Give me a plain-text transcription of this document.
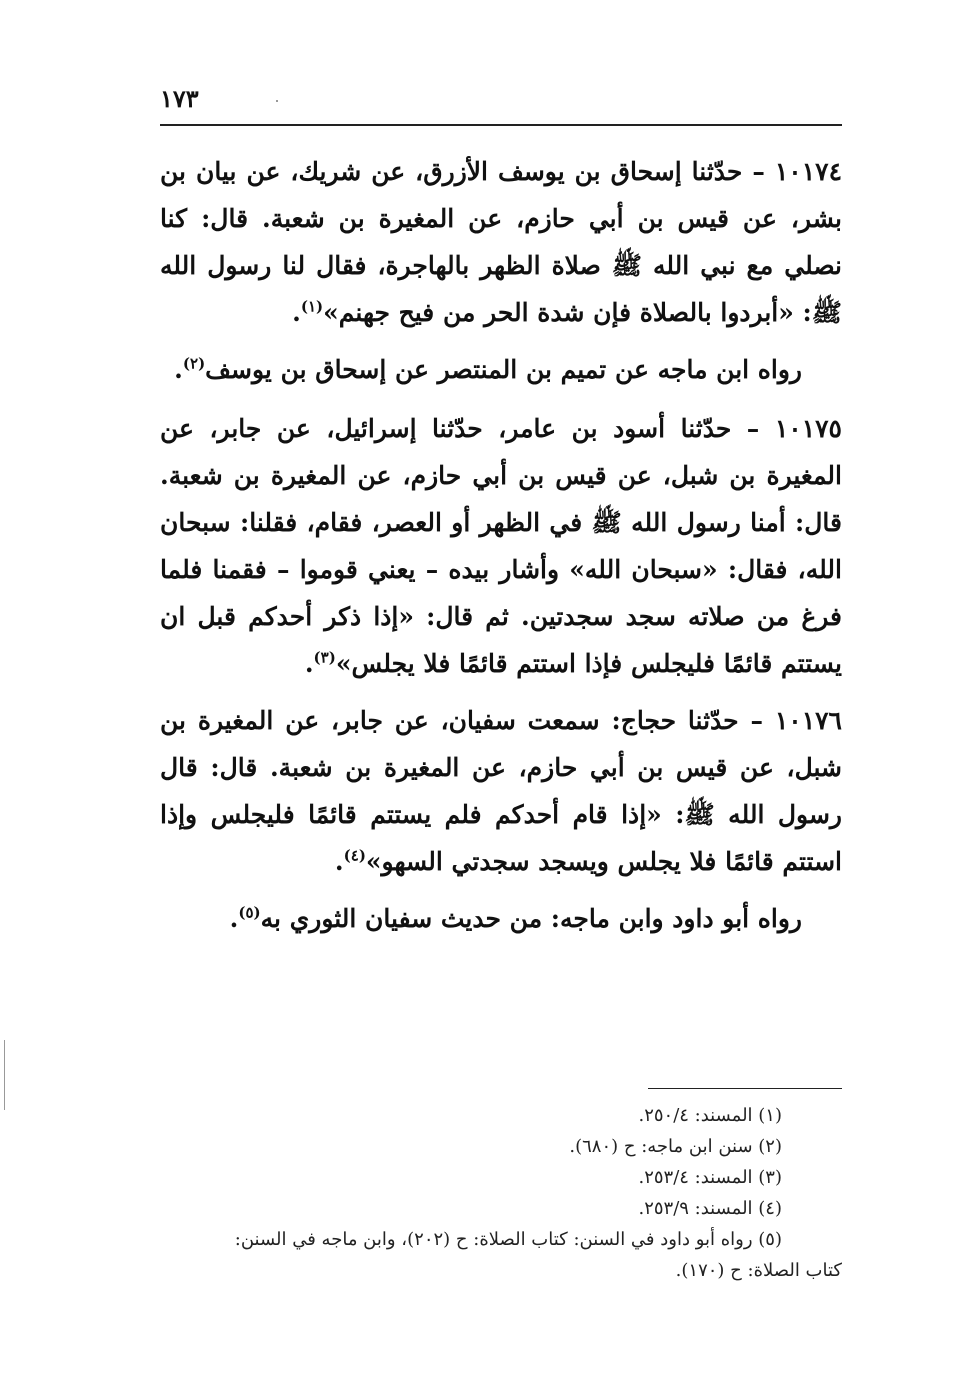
١٧٣

١٠١٧٤ – حدّثنا إسحاق بن يوسف الأزرق، عن شريك، عن بيان بن بشر، عن قيس بن أبي حازم، عن المغيرة بن شعبة. قال: كنا نصلي مع نبي الله ﷺ صلاة الظهر بالهاجرة، فقال لنا رسول الله ﷺ: «أبردوا بالصلاة فإن شدة الحر من فيح جهنم»$^{(١)}$.

رواه ابن ماجه عن تميم بن المنتصر عن إسحاق بن يوسف$^{(٢)}$.

١٠١٧٥ – حدّثنا أسود بن عامر، حدّثنا إسرائيل، عن جابر، عن المغيرة بن شبل، عن قيس بن أبي حازم، عن المغيرة بن شعبة. قال: أمنا رسول الله ﷺ في الظهر أو العصر، فقام، فقلنا: سبحان الله، فقال: «سبحان الله» وأشار بيده – يعني قوموا – فقمنا فلما فرغ من صلاته سجد سجدتين. ثم قال: «إذا ذكر أحدكم قبل ان يستتم قائمًا فليجلس فإذا استتم قائمًا فلا يجلس»$^{(٣)}$.

١٠١٧٦ – حدّثنا حجاج: سمعت سفيان، عن جابر، عن المغيرة بن شبل، عن قيس بن أبي حازم، عن المغيرة بن شعبة. قال: قال رسول الله ﷺ: «إذا قام أحدكم فلم يستتم قائمًا فليجلس وإذا استتم قائمًا فلا يجلس ويسجد سجدتي السهو»$^{(٤)}$.

رواه أبو داود وابن ماجه: من حديث سفيان الثوري به$^{(٥)}$.

(١) المسند: ٢٥٠/٤.

(٢) سنن ابن ماجه: ح (٦٨٠).

(٣) المسند: ٢٥٣/٤.

(٤) المسند: ٢٥٣/٩.

(٥) رواه أبو داود في السنن: كتاب الصلاة: ح (٢٠٢)، وابن ماجه في السنن:

كتاب الصلاة: ح (١٧٠).
